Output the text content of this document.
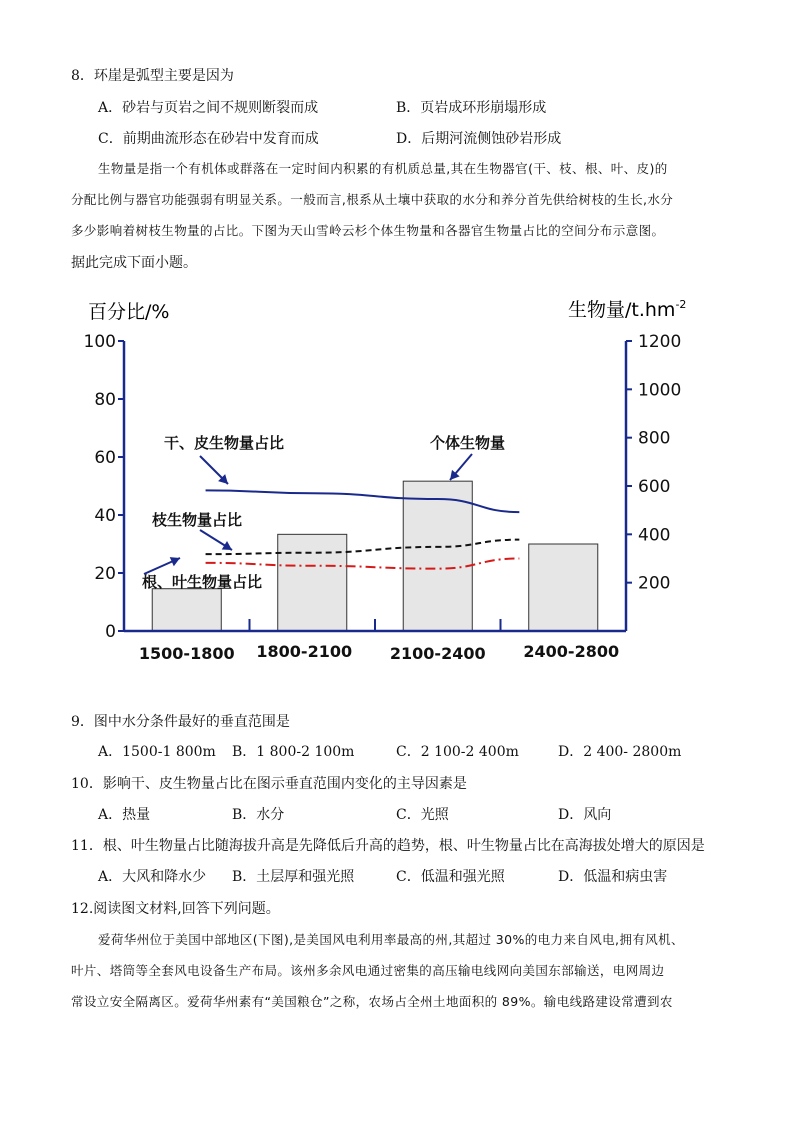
8．环崖是弧型主要是因为
A．砂岩与页岩之间不规则断裂而成	B．页岩成环形崩塌形成
C．前期曲流形态在砂岩中发育而成	D．后期河流侧蚀砂岩形成
生物量是指一个有机体或群落在一定时间内积累的有机质总量,其在生物器官(干、枝、根、叶、皮)的
分配比例与器官功能强弱有明显关系。一般而言,根系从土壤中获取的水分和养分首先供给树枝的生长,水分
多少影响着树枝生物量的占比。下图为天山雪岭云杉个体生物量和各器官生物量占比的空间分布示意图。
据此完成下面小题。
百分比/%	生物量$/t.hm^{-2}$
0
20
40
60
80
100
200
400
600
800
1000
1200
1500-1800 1800-2100 2100-2400 2400-2800
干、皮生物量占比	个体生物量
枝生物量占比
根、叶生物量占比
9．图中水分条件最好的垂直范围是
A．1500-1 800m B．1 800-2 100m	C．2 100-2 400m	D．2 400- 2800m
10．影响干、皮生物量占比在图示垂直范围内变化的主导因素是
A．热量	B．水分	C．光照	D．风向
11．根、叶生物量占比随海拔升高是先降低后升高的趋势，根、叶生物量占比在高海拔处增大的原因是
A．大风和降水少 B．土层厚和强光照	C．低温和强光照	D．低温和病虫害
12.阅读图文材料,回答下列问题。
爱荷华州位于美国中部地区(下图),是美国风电利用率最高的州,其超过 30%的电力来自风电,拥有风机、
叶片、塔筒等全套风电设备生产布局。该州多余风电通过密集的高压输电线网向美国东部输送，电网周边
常设立安全隔离区。爱荷华州素有“美国粮仓”之称，农场占全州土地面积的 89%。输电线路建设常遭到农
